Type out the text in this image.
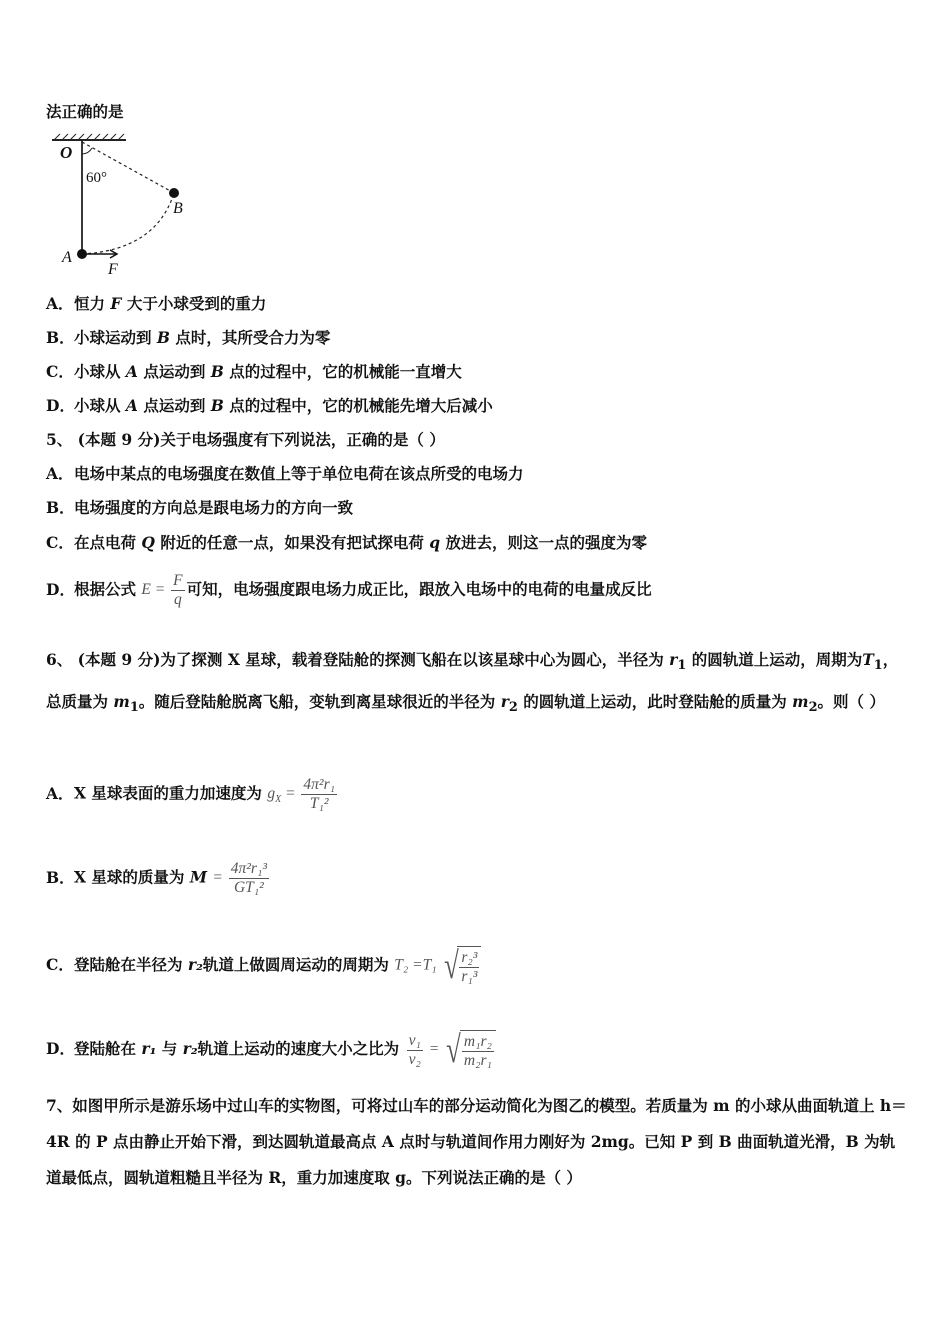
法正确的是
O
60°
B
A
F
A．恒力 F 大于小球受到的重力
B．小球运动到 B 点时，其所受合力为零
C．小球从 A 点运动到 B 点的过程中，它的机械能一直增大
D．小球从 A 点运动到 B 点的过程中，它的机械能先增大后减小
5、 (本题 9 分)关于电场强度有下列说法，正确的是（ ）
A．电场中某点的电场强度在数值上等于单位电荷在该点所受的电场力
B．电场强度的方向总是跟电场力的方向一致
C．在点电荷 Q 附近的任意一点，如果没有把试探电荷 q 放进去，则这一点的强度为零
D．根据公式 $E = \frac{F}{q}$ 可知，电场强度跟电场力成正比，跟放入电场中的电荷的电量成反比
6、 (本题 9 分)为了探测 X 星球，载着登陆舱的探测飞船在以该星球中心为圆心，半径为 $r_1$ 的圆轨道上运动，周期为$T_1$，总质量为 $m_1$。随后登陆舱脱离飞船，变轨到离星球很近的半径为 $r_2$ 的圆轨道上运动，此时登陆舱的质量为 $m_2$。则（ ）
A．X 星球表面的重力加速度为 $g_X = \frac{\text{4π²r₁}}{\text{T₁²}}$
B．X 星球的质量为 $M = \frac{\text{4π²r₁³}}{\text{GT₁²}}$
C．登陆舱在半径为 r₂轨道上做圆周运动的周期为 T₂ =T₁ √ $\frac{\text{r₂³}}{\text{r₁³}}$
D．登陆舱在 r₁ 与 r₂轨道上运动的速度大小之比为 $\frac{\text{v₁}}{\text{v₂}}$ = √ $\frac{\text{m₁r₂}}{\text{m₂r₁}}$
7、如图甲所示是游乐场中过山车的实物图，可将过山车的部分运动简化为图乙的模型。若质量为 m 的小球从曲面轨道上 h＝4R 的 P 点由静止开始下滑，到达圆轨道最高点 A 点时与轨道间作用力刚好为 2mg。已知 P 到 B 曲面轨道光滑，B 为轨道最低点，圆轨道粗糙且半径为 R，重力加速度取 g。下列说法正确的是（ ）
